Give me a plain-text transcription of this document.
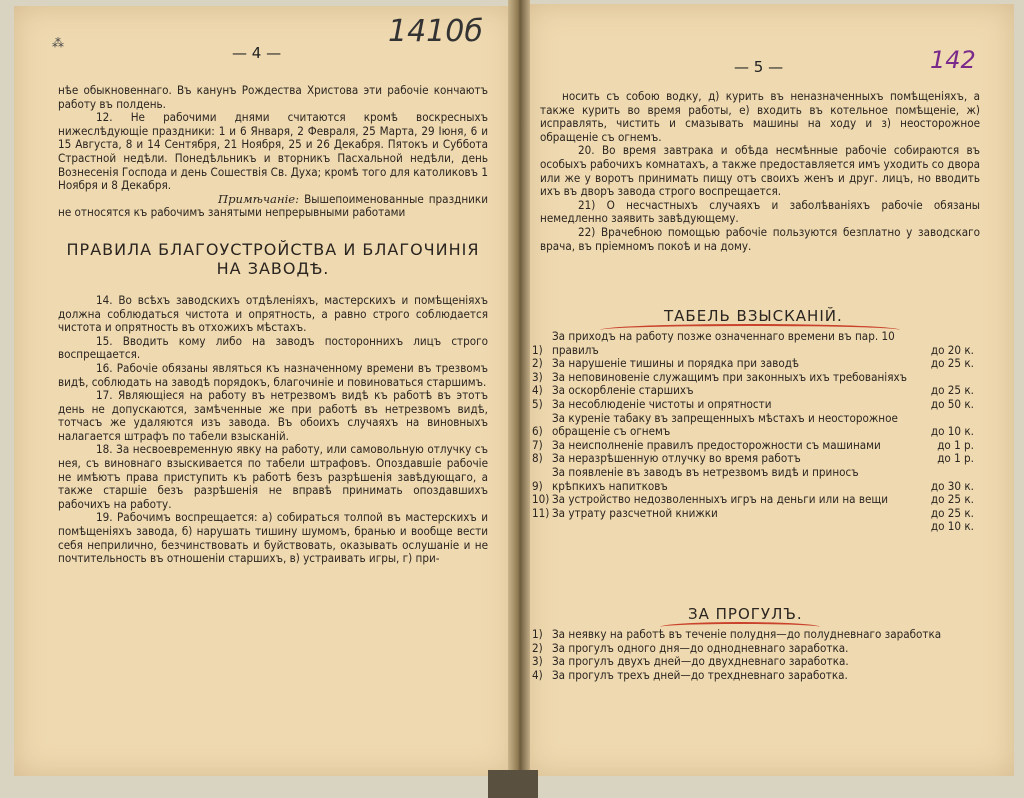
⁂
— 4 —
1410б

нѣе обыкновеннаго. Въ канунъ Рождества Христова эти рабочіе кончаютъ работу въ полдень.

12. Не рабочими днями считаются кромѣ воскресныхъ нижеслѣдующіе праздники: 1 и 6 Января, 2 Февраля, 25 Марта, 29 Іюня, 6 и 15 Августа, 8 и 14 Сентября, 21 Ноября, 25 и 26 Декабря. Пятокъ и Суббота Страстной недѣли. Понедѣльникъ и вторникъ Пасхальной недѣли, день Вознесенія Господа и день Сошествія Св. Духа; кромѣ того для католиковъ 1 Ноября и 8 Декабря.

Примѣчаніе: Вышепоименованные праздники не относятся къ рабочимъ занятыми непрерывными работами

ПРАВИЛА БЛАГОУСТРОЙСТВА И БЛАГОЧИНІЯ
НА ЗАВОДѢ.

14. Во всѣхъ заводскихъ отдѣленіяхъ, мастерскихъ и помѣщеніяхъ должна соблюдаться чистота и опрятность, а равно строго соблюдается чистота и опрятность въ отхожихъ мѣстахъ.

15. Вводить кому либо на заводъ постороннихъ лицъ строго воспрещается.

16. Рабочіе обязаны являться къ назначенному времени въ трезвомъ видѣ, соблюдать на заводѣ порядокъ, благочиніе и повиноваться старшимъ.

17. Являющіеся на работу въ нетрезвомъ видѣ къ работѣ въ этотъ день не допускаются, замѣченные же при работѣ въ нетрезвомъ видѣ, тотчасъ же удаляются изъ завода. Въ обоихъ случаяхъ на виновныхъ налагается штрафъ по табели взысканій.

18. За несвоевременную явку на работу, или самовольную отлучку съ нея, съ виновнаго взыскивается по табели штрафовъ. Опоздавшіе рабочіе не имѣютъ права приступить къ работѣ безъ разрѣшенія завѣдующаго, а также старшіе безъ разрѣшенія не вправѣ принимать опоздавшихъ рабочихъ на работу.

19. Рабочимъ воспрещается: а) собираться толпой въ мастерскихъ и помѣщеніяхъ завода, б) нарушать тишину шумомъ, бранью и вообще вести себя неприлично, безчинствовать и буйствовать, оказывать ослушаніе и не почтительность въ отношеніи старшихъ, в) устраивать игры, г) при-

— 5 —	142

носить съ собою водку, д) курить въ неназначенныхъ помѣщеніяхъ, а также курить во время работы, е) входить въ котельное помѣщеніе, ж) исправлять, чистить и смазывать машины на ходу и з) неосторожное обращеніе съ огнемъ.

20. Во время завтрака и обѣда несмѣнные рабочіе собираются въ особыхъ рабочихъ комнатахъ, а также предоставляется имъ уходить со двора или же у воротъ принимать пищу отъ своихъ женъ и друг. лицъ, но вводить ихъ въ дворъ завода строго воспрещается.

21) О несчастныхъ случаяхъ и заболѣваніяхъ рабочіе обязаны немедленно заявить завѣдующему.

22) Врачебною помощью рабочіе пользуются безплатно у заводскаго врача, въ пріемномъ покоѣ и на дому.

ТАБЕЛЬ ВЗЫСКАНІЙ.
1)
За приходъ на работу позже означеннаго времени въ пар. 10 правилъ	до 20 к.
2) За нарушеніе тишины и порядка при заводѣ	до 25 к.
3) За неповиновеніе служащимъ при законныхъ ихъ требованіяхъ
4) За оскорбленіе старшихъ	до 25 к.
5) За несоблюденіе чистоты и опрятности	до 50 к.
6)
За куреніе табаку въ запрещенныхъ мѣстахъ и неосторожное обращеніе съ огнемъ	до 10 к.
7) За неисполненіе правилъ предосторожности съ машинами	до 1 р.
8) За неразрѣшенную отлучку во время работъ	до 1 р.
9)
За появленіе въ заводъ въ нетрезвомъ видѣ и приносъ крѣпкихъ напитковъ	до 30 к.
10) За устройство недозволенныхъ игръ на деньги или на вещи	до 25 к.
11) За утрату разсчетной книжки	до 25 к.
до 10 к.
ЗА ПРОГУЛЪ.
1) За неявку на работѣ въ теченіе полудня—до полудневнаго заработка
2) За прогулъ одного дня—до однодневнаго заработка.
3) За прогулъ двухъ дней—до двухдневнаго заработка.
4) За прогулъ трехъ дней—до трехдневнаго заработка.
